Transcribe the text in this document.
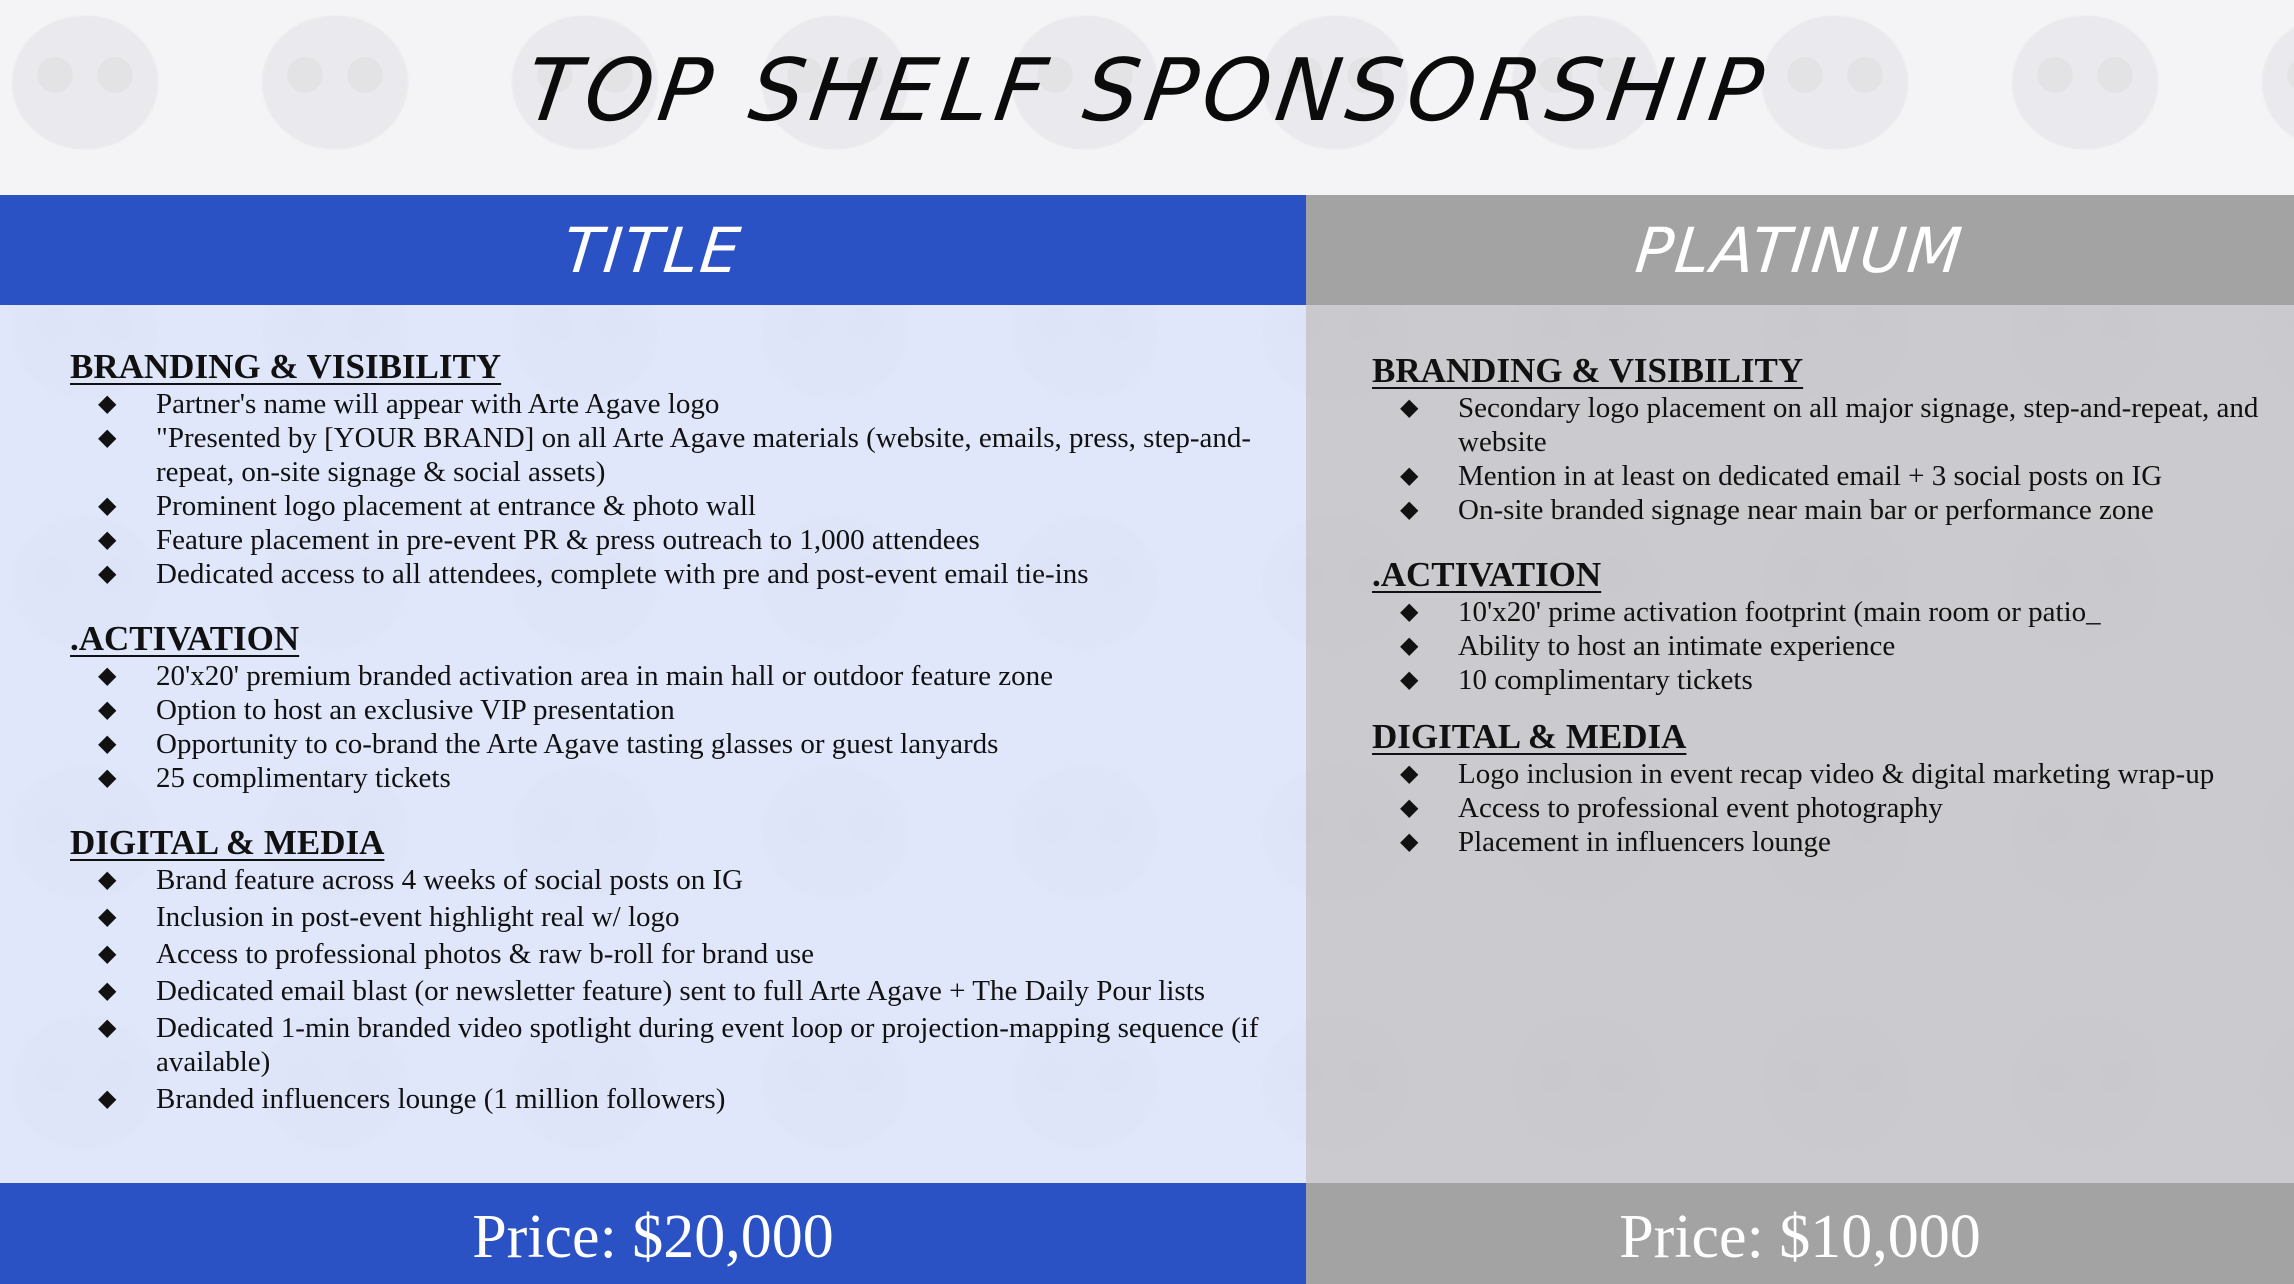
TOP SHELF SPONSORSHIP
TITLE
BRANDING & VISIBILITY
◆ Partner's name will appear with Arte Agave logo
◆ "Presented by [YOUR BRAND] on all Arte Agave materials (website, emails, press, step-and-repeat, on-site signage & social assets)
◆ Prominent logo placement at entrance & photo wall
◆ Feature placement in pre-event PR & press outreach to 1,000 attendees
◆ Dedicated access to all attendees, complete with pre and post-event email tie-ins
.ACTIVATION
◆ 20'x20' premium branded activation area in main hall or outdoor feature zone
◆ Option to host an exclusive VIP presentation
◆ Opportunity to co-brand the Arte Agave tasting glasses or guest lanyards
◆ 25 complimentary tickets
DIGITAL & MEDIA
◆ Brand feature across 4 weeks of social posts on IG
◆ Inclusion in post-event highlight real w/ logo
◆ Access to professional photos & raw b-roll for brand use
◆ Dedicated email blast (or newsletter feature) sent to full Arte Agave + The Daily Pour lists
◆ Dedicated 1-min branded video spotlight during event loop or projection-mapping sequence (if available)
◆ Branded influencers lounge (1 million followers)
Price: $20,000
PLATINUM
BRANDING & VISIBILITY
◆ Secondary logo placement on all major signage, step-and-repeat, and website
◆ Mention in at least on dedicated email + 3 social posts on IG
◆ On-site branded signage near main bar or performance zone
.ACTIVATION
◆ 10'x20' prime activation footprint (main room or patio_
◆ Ability to host an intimate experience
◆ 10 complimentary tickets
DIGITAL & MEDIA
◆ Logo inclusion in event recap video & digital marketing wrap-up
◆ Access to professional event photography
◆ Placement in influencers lounge
Price: $10,000
